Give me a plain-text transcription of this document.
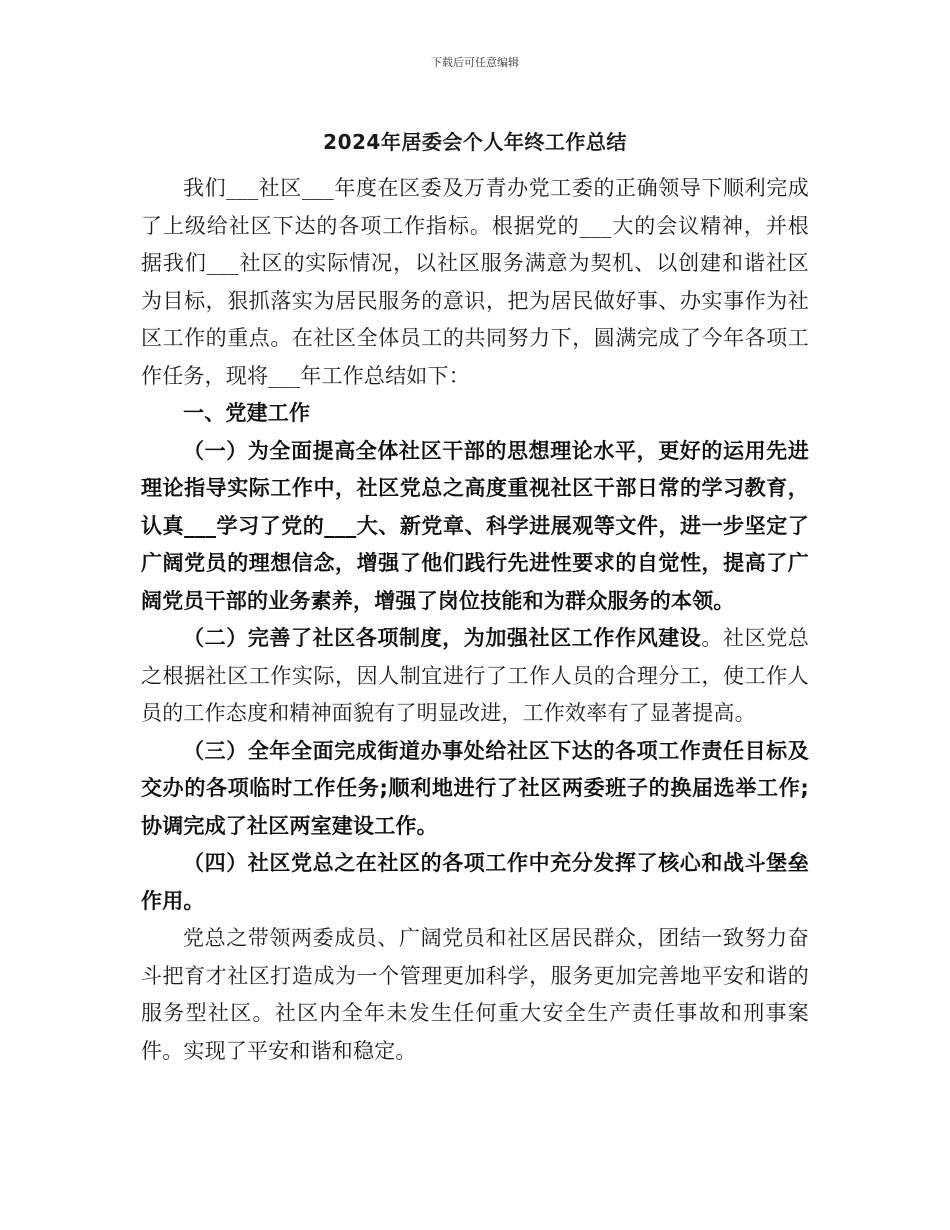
下载后可任意编辑
2024年居委会个人年终工作总结

我们___社区___年度在区委及万青办党工委的正确领导下顺利完成了上级给社区下达的各项工作指标。根据党的___大的会议精神，并根据我们___社区的实际情况，以社区服务满意为契机、以创建和谐社区为目标，狠抓落实为居民服务的意识，把为居民做好事、办实事作为社区工作的重点。在社区全体员工的共同努力下，圆满完成了今年各项工作任务，现将___年工作总结如下：

一、党建工作

（一）为全面提高全体社区干部的思想理论水平，更好的运用先进理论指导实际工作中，社区党总之高度重视社区干部日常的学习教育，认真___学习了党的___大、新党章、科学进展观等文件，进一步坚定了广阔党员的理想信念，增强了他们践行先进性要求的自觉性，提高了广阔党员干部的业务素养，增强了岗位技能和为群众服务的本领。

（二）完善了社区各项制度，为加强社区工作作风建设。社区党总之根据社区工作实际，因人制宜进行了工作人员的合理分工，使工作人员的工作态度和精神面貌有了明显改进，工作效率有了显著提高。

（三）全年全面完成街道办事处给社区下达的各项工作责任目标及交办的各项临时工作任务;顺利地进行了社区两委班子的换届选举工作;协调完成了社区两室建设工作。

（四）社区党总之在社区的各项工作中充分发挥了核心和战斗堡垒作用。

党总之带领两委成员、广阔党员和社区居民群众，团结一致努力奋斗把育才社区打造成为一个管理更加科学，服务更加完善地平安和谐的服务型社区。社区内全年未发生任何重大安全生产责任事故和刑事案件。实现了平安和谐和稳定。
